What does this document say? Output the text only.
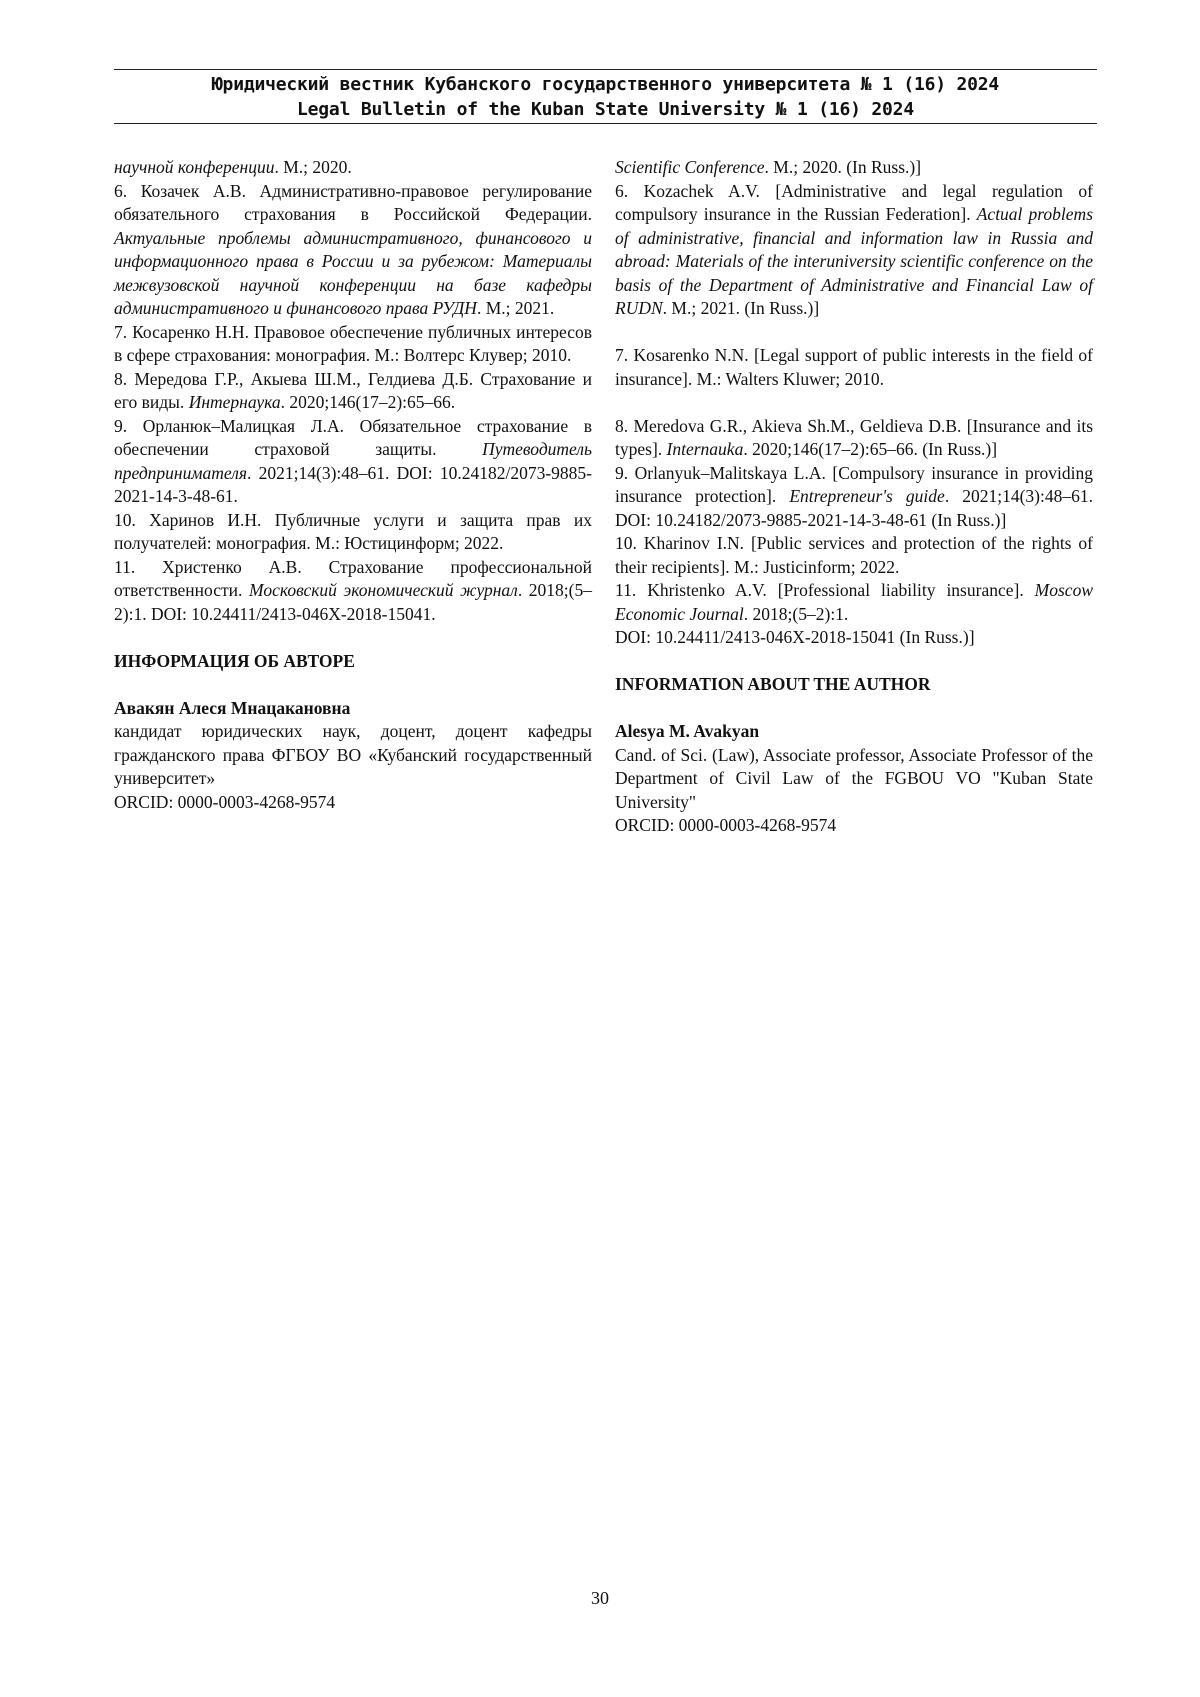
Юридический вестник Кубанского государственного университета № 1 (16) 2024
Legal Bulletin of the Kuban State University № 1 (16) 2024

научной конференции. М.; 2020.

6. Козачек А.В. Административно-правовое регулирование обязательного страхования в Российской Федерации. Актуальные проблемы административного, финансового и информационного права в России и за рубежом: Материалы межвузовской научной конференции на базе кафедры административного и финансового права РУДН. М.; 2021.

7. Косаренко Н.Н. Правовое обеспечение публичных интересов в сфере страхования: монография. М.: Волтерс Клувер; 2010.

8. Мередова Г.Р., Акыева Ш.М., Гелдиева Д.Б. Страхование и его виды. Интернаука. 2020;146(17–2):65–66.

9. Орланюк–Малицкая Л.А. Обязательное страхование в обеспечении страховой защиты. Путеводитель предпринимателя. 2021;14(3):48–61. DOI: 10.24182/2073-9885-2021-14-3-48-61.

10. Харинов И.Н. Публичные услуги и защита прав их получателей: монография. М.: Юстицинформ; 2022.

11. Христенко А.В. Страхование профессиональной ответственности. Московский экономический журнал. 2018;(5–2):1. DOI: 10.24411/2413-046X-2018-15041.

ИНФОРМАЦИЯ ОБ АВТОРЕ

Авакян Алеся Мнацакановна

кандидат юридических наук, доцент, доцент кафедры гражданского права ФГБОУ ВО «Кубанский государственный университет»

ORCID: 0000-0003-4268-9574

Scientific Conference. M.; 2020. (In Russ.)]

6. Kozachek A.V. [Administrative and legal regulation of compulsory insurance in the Russian Federation]. Actual problems of administrative, financial and information law in Russia and abroad: Materials of the interuniversity scientific conference on the basis of the Department of Administrative and Financial Law of RUDN. M.; 2021. (In Russ.)]

7. Kosarenko N.N. [Legal support of public interests in the field of insurance]. M.: Walters Kluwer; 2010.

8. Meredova G.R., Akieva Sh.M., Geldieva D.B. [Insurance and its types]. Internauka. 2020;146(17–2):65–66. (In Russ.)]

9. Orlanyuk–Malitskaya L.A. [Compulsory insurance in providing insurance protection]. Entrepreneur's guide. 2021;14(3):48–61. DOI: 10.24182/2073-9885-2021-14-3-48-61 (In Russ.)]

10. Kharinov I.N. [Public services and protection of the rights of their recipients]. M.: Justicinform; 2022.

11. Khristenko A.V. [Professional liability insurance]. Moscow Economic Journal. 2018;(5–2):1.
DOI: 10.24411/2413-046X-2018-15041 (In Russ.)]

INFORMATION ABOUT THE AUTHOR

Alesya M. Avakyan

Cand. of Sci. (Law), Associate professor, Associate Professor of the Department of Civil Law of the FGBOU VO "Kuban State University"

ORCID: 0000-0003-4268-9574

30
